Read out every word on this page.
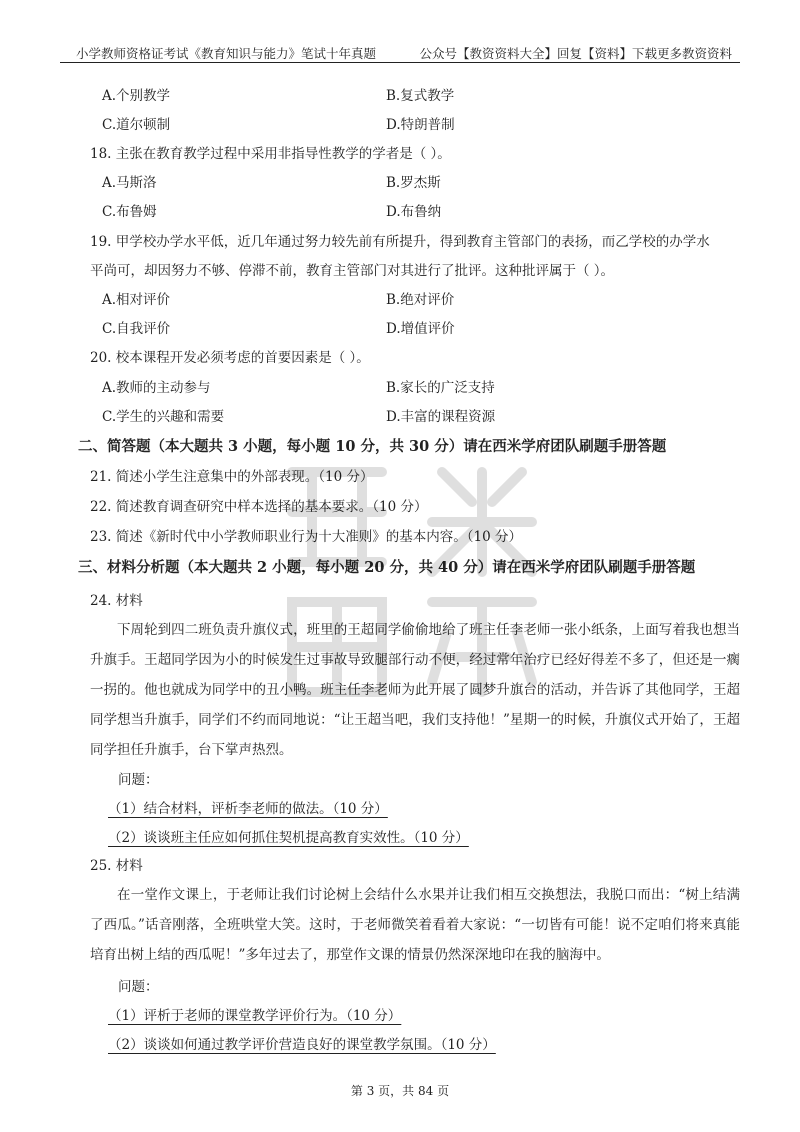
小学教师资格证考试《教育知识与能力》笔试十年真题	公众号【教资资料大全】回复【资料】下载更多教资资料
A.个别教学	B.复式教学
C.道尔顿制	D.特朗普制
18. 主张在教育教学过程中采用非指导性教学的学者是（ ）。
A.马斯洛	B.罗杰斯
C.布鲁姆	D.布鲁纳
19. 甲学校办学水平低，近几年通过努力较先前有所提升，得到教育主管部门的表扬，而乙学校的办学水
平尚可，却因努力不够、停滞不前，教育主管部门对其进行了批评。这种批评属于（ ）。
A.相对评价	B.绝对评价
C.自我评价	D.增值评价
20. 校本课程开发必须考虑的首要因素是（ ）。
A.教师的主动参与	B.家长的广泛支持
C.学生的兴趣和需要	D.丰富的课程资源
二、简答题（本大题共 3 小题，每小题 10 分，共 30 分）请在西米学府团队刷题手册答题
21. 简述小学生注意集中的外部表现。（10 分）
22. 简述教育调查研究中样本选择的基本要求。（10 分）
23. 简述《新时代中小学教师职业行为十大准则》的基本内容。（10 分）
三、材料分析题（本大题共 2 小题，每小题 20 分，共 40 分）请在西米学府团队刷题手册答题
24. 材料

下周轮到四二班负责升旗仪式，班里的王超同学偷偷地给了班主任李老师一张小纸条，上面写着我也想当升旗手。王超同学因为小的时候发生过事故导致腿部行动不便，经过常年治疗已经好得差不多了，但还是一瘸一拐的。他也就成为同学中的丑小鸭。班主任李老师为此开展了圆梦升旗台的活动，并告诉了其他同学，王超同学想当升旗手，同学们不约而同地说：“让王超当吧，我们支持他！”星期一的时候，升旗仪式开始了，王超同学担任升旗手，台下掌声热烈。

问题：
（1）结合材料，评析李老师的做法。（10 分）
（2）谈谈班主任应如何抓住契机提高教育实效性。（10 分）
25. 材料

在一堂作文课上，于老师让我们讨论树上会结什么水果并让我们相互交换想法，我脱口而出：“树上结满了西瓜。”话音刚落，全班哄堂大笑。这时，于老师微笑着看着大家说：“一切皆有可能！说不定咱们将来真能培育出树上结的西瓜呢！”多年过去了，那堂作文课的情景仍然深深地印在我的脑海中。

问题：
（1）评析于老师的课堂教学评价行为。（10 分）
（2）谈谈如何通过教学评价营造良好的课堂教学氛围。（10 分）
第 3 页，共 84 页
